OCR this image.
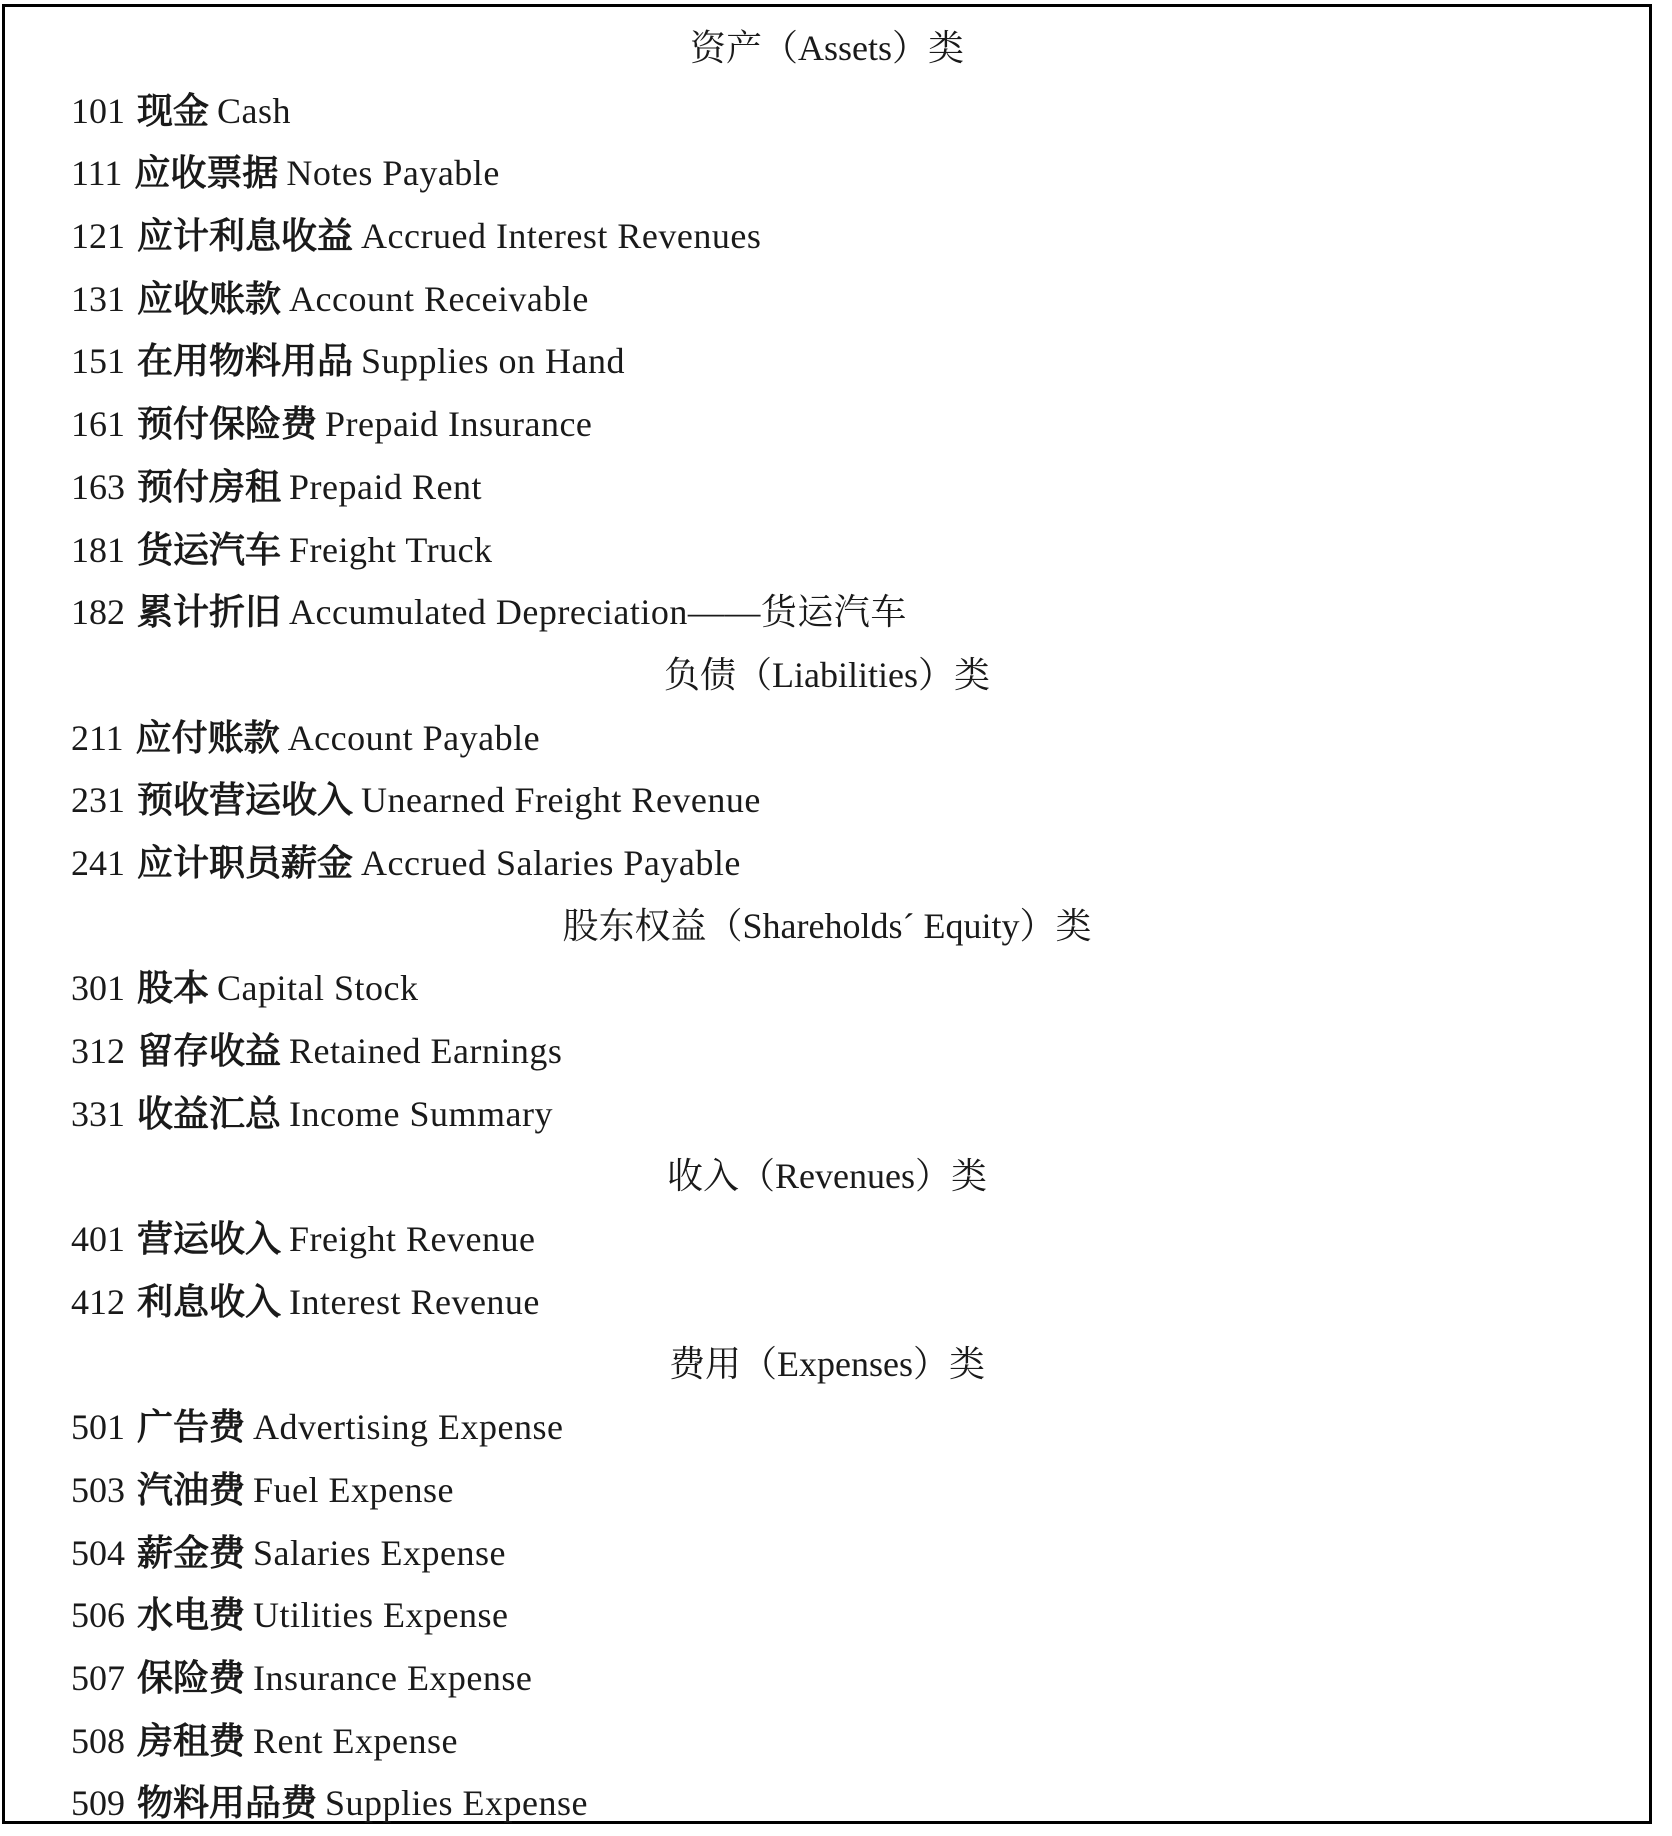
资产（Assets）类
101 现金 Cash
111 应收票据 Notes Payable
121 应计利息收益 Accrued Interest Revenues
131 应收账款 Account Receivable
151 在用物料用品 Supplies on Hand
161 预付保险费 Prepaid Insurance
163 预付房租 Prepaid Rent
181 货运汽车 Freight Truck
182 累计折旧 Accumulated Depreciation——货运汽车
负债（Liabilities）类
211 应付账款 Account Payable
231 预收营运收入 Unearned Freight Revenue
241 应计职员薪金 Accrued Salaries Payable
股东权益（Shareholds´ Equity）类
301 股本 Capital Stock
312 留存收益 Retained Earnings
331 收益汇总 Income Summary
收入（Revenues）类
401 营运收入 Freight Revenue
412 利息收入 Interest Revenue
费用（Expenses）类
501 广告费 Advertising Expense
503 汽油费 Fuel Expense
504 薪金费 Salaries Expense
506 水电费 Utilities Expense
507 保险费 Insurance Expense
508 房租费 Rent Expense
509 物料用品费 Supplies Expense
